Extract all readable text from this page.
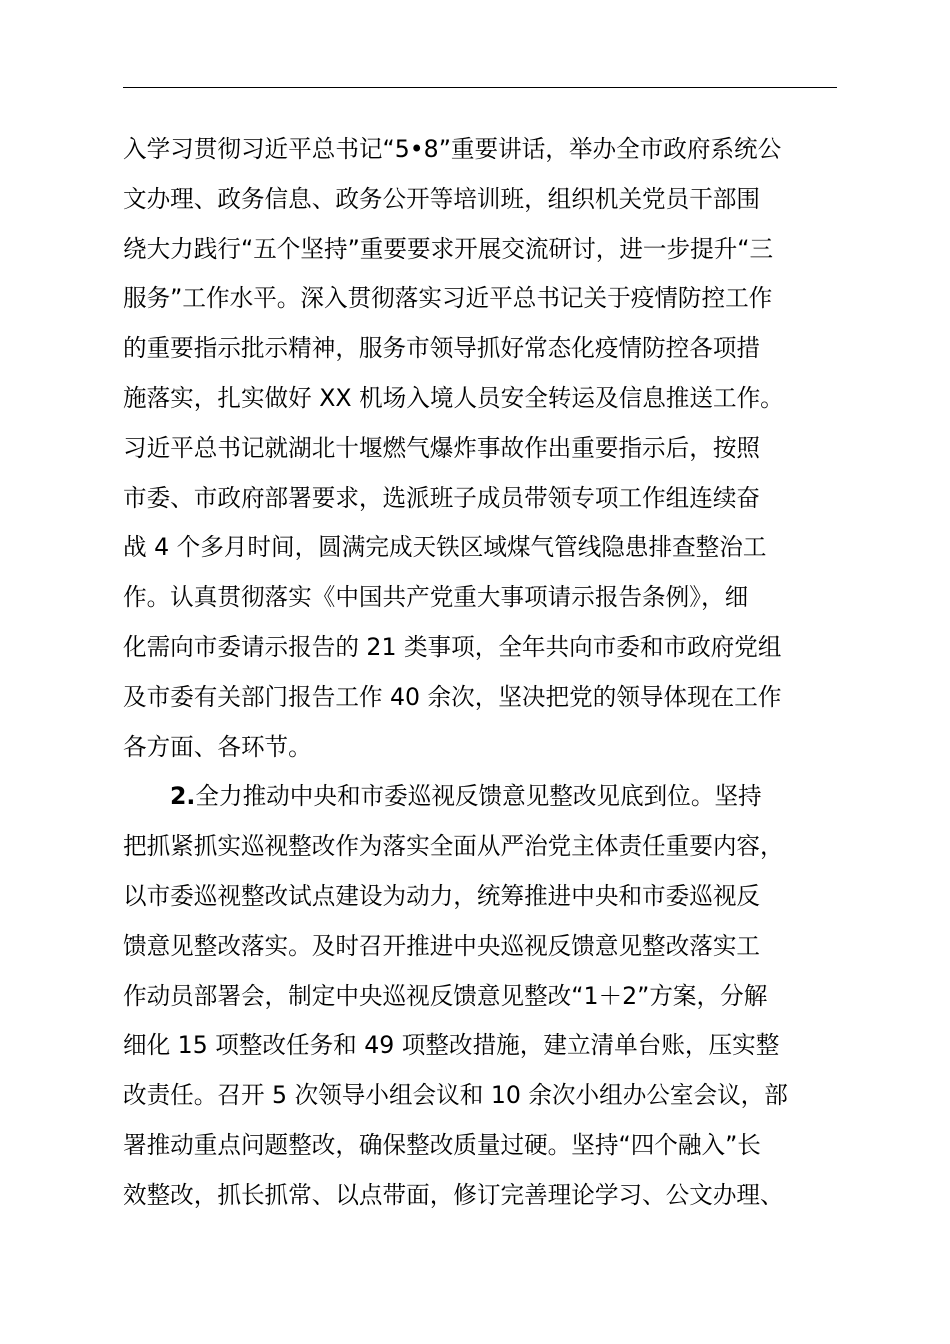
入学习贯彻习近平总书记“5•8”重要讲话，举办全市政府系统公
文办理、政务信息、政务公开等培训班，组织机关党员干部围
绕大力践行“五个坚持”重要要求开展交流研讨，进一步提升“三
服务”工作水平。深入贯彻落实习近平总书记关于疫情防控工作
的重要指示批示精神，服务市领导抓好常态化疫情防控各项措
施落实，扎实做好 XX 机场入境人员安全转运及信息推送工作。
习近平总书记就湖北十堰燃气爆炸事故作出重要指示后，按照
市委、市政府部署要求，选派班子成员带领专项工作组连续奋
战 4 个多月时间，圆满完成天铁区域煤气管线隐患排查整治工
作。认真贯彻落实《中国共产党重大事项请示报告条例》，细
化需向市委请示报告的 21 类事项，全年共向市委和市政府党组
及市委有关部门报告工作 40 余次，坚决把党的领导体现在工作
各方面、各环节。
2.全力推动中央和市委巡视反馈意见整改见底到位。坚持
把抓紧抓实巡视整改作为落实全面从严治党主体责任重要内容，
以市委巡视整改试点建设为动力，统筹推进中央和市委巡视反
馈意见整改落实。及时召开推进中央巡视反馈意见整改落实工
作动员部署会，制定中央巡视反馈意见整改“1＋2”方案，分解
细化 15 项整改任务和 49 项整改措施，建立清单台账，压实整
改责任。召开 5 次领导小组会议和 10 余次小组办公室会议，部
署推动重点问题整改，确保整改质量过硬。坚持“四个融入”长
效整改，抓长抓常、以点带面，修订完善理论学习、公文办理、
